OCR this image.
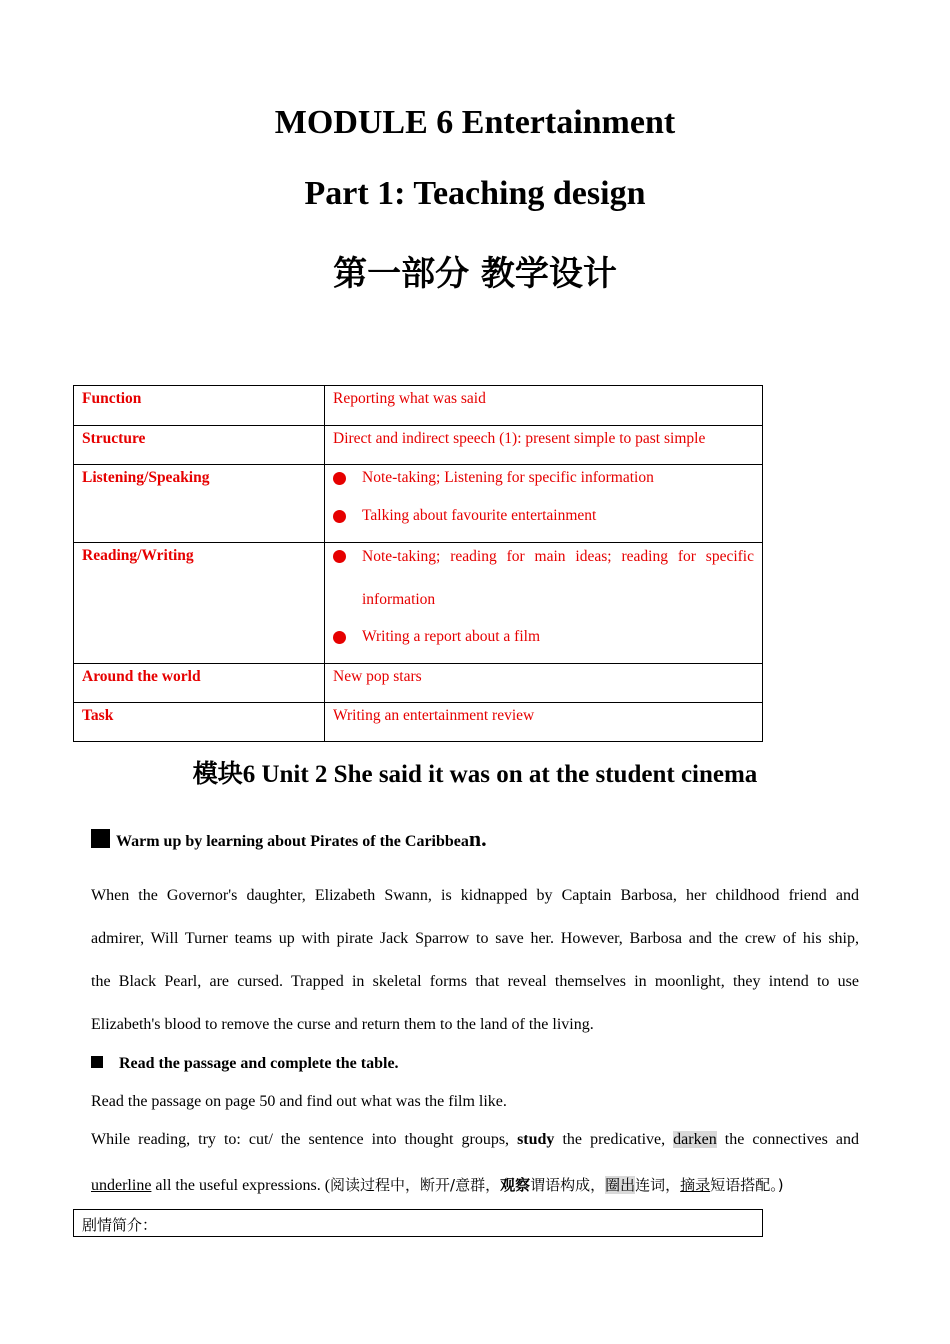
MODULE 6 Entertainment
Part 1: Teaching design
第一部分 教学设计
Function	Reporting what was said
Structure	Direct and indirect speech (1): present simple to past simple
Listening/Speaking	Note-taking; Listening for specific information
Talking about favourite entertainment

Reading/Writing	Note-taking; reading for main ideas; reading for specific information
Writing a report about a film

Around the world	New pop stars
Task	Writing an entertainment review
模块6 Unit 2 She said it was on at the student cinema
Warm up by learning about Pirates of the Caribbean.
When the Governor's daughter, Elizabeth Swann, is kidnapped by Captain Barbosa, her childhood friend and
admirer, Will Turner teams up with pirate Jack Sparrow to save her. However, Barbosa and the crew of his ship,
the Black Pearl, are cursed. Trapped in skeletal forms that reveal themselves in moonlight, they intend to use
Elizabeth's blood to remove the curse and return them to the land of the living.
Read the passage and complete the table.
Read the passage on page 50 and find out what was the film like.
While reading, try to: cut/ the sentence into thought groups, study the predicative, darken the connectives and
underline all the useful expressions. (阅读过程中，断开/意群，观察谓语构成，圈出连词，摘录短语搭配。)
剧情简介：
